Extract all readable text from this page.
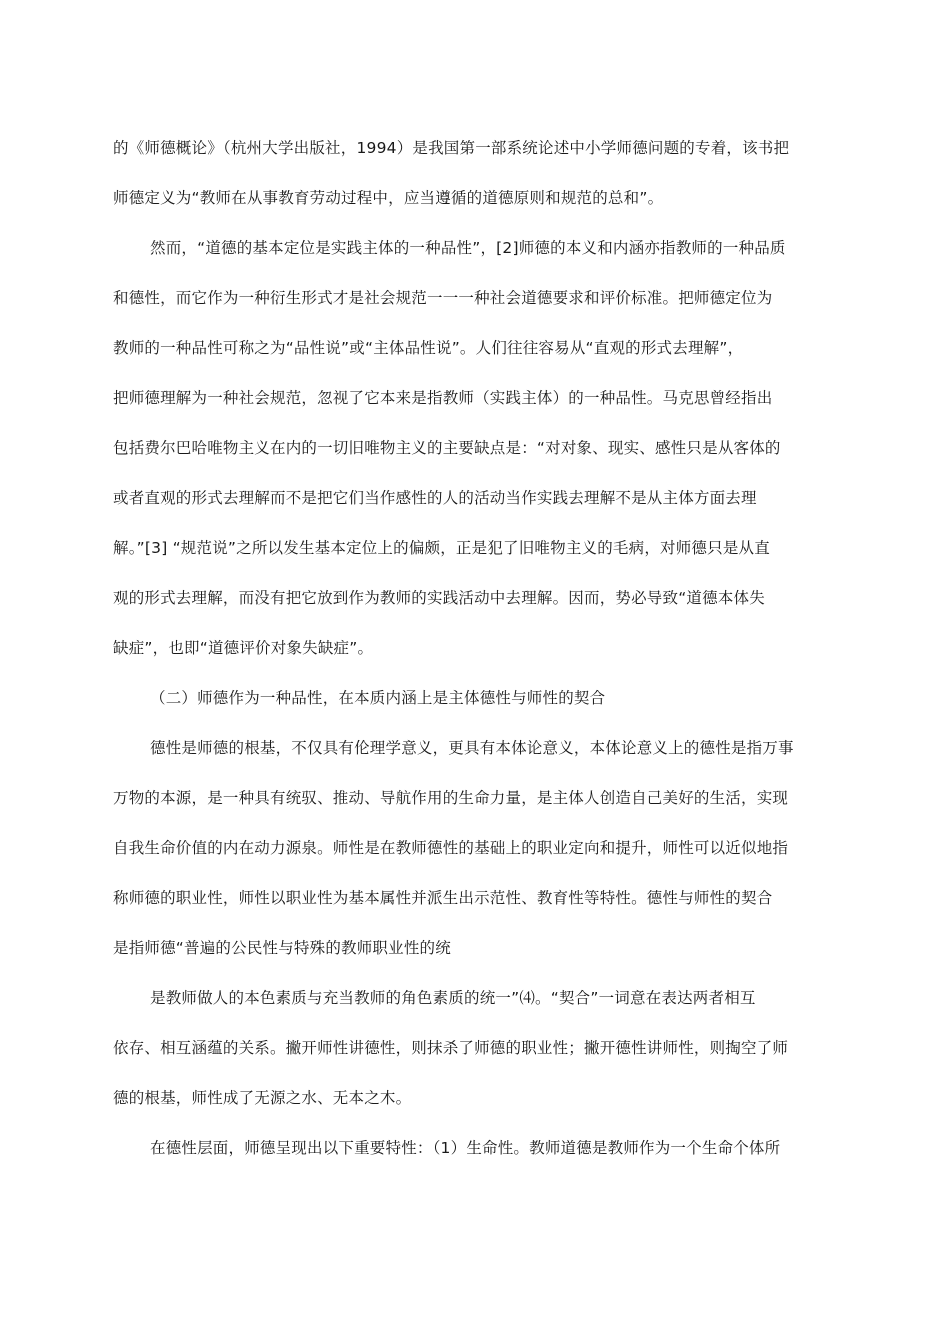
的《师德概论》（杭州大学出版社，1994）是我国第一部系统论述中小学师德问题的专着，该书把
师德定义为“教师在从事教育劳动过程中，应当遵循的道德原则和规范的总和”。
然而，“道德的基本定位是实践主体的一种品性”，[2]师德的本义和内涵亦指教师的一种品质
和德性，而它作为一种衍生形式才是社会规范一一一种社会道德要求和评价标准。把师德定位为
教师的一种品性可称之为“品性说”或“主体品性说”。人们往往容易从“直观的形式去理解”，
把师德理解为一种社会规范，忽视了它本来是指教师（实践主体）的一种品性。马克思曾经指出
包括费尔巴哈唯物主义在内的一切旧唯物主义的主要缺点是：“对对象、现实、感性只是从客体的
或者直观的形式去理解而不是把它们当作感性的人的活动当作实践去理解不是从主体方面去理
解。”[3] “规范说”之所以发生基本定位上的偏颇，正是犯了旧唯物主义的毛病，对师德只是从直
观的形式去理解，而没有把它放到作为教师的实践活动中去理解。因而，势必导致“道德本体失
缺症”，也即“道德评价对象失缺症”。
（二）师德作为一种品性，在本质内涵上是主体德性与师性的契合
德性是师德的根基，不仅具有伦理学意义，更具有本体论意义，本体论意义上的德性是指万事
万物的本源，是一种具有统驭、推动、导航作用的生命力量，是主体人创造自己美好的生活，实现
自我生命价值的内在动力源泉。师性是在教师德性的基础上的职业定向和提升，师性可以近似地指
称师德的职业性，师性以职业性为基本属性并派生出示范性、教育性等特性。德性与师性的契合
是指师德“普遍的公民性与特殊的教师职业性的统
是教师做人的本色素质与充当教师的角色素质的统一”⑷。“契合”一词意在表达两者相互
依存、相互涵蕴的关系。撇开师性讲德性，则抹杀了师德的职业性；撇开德性讲师性，则掏空了师
德的根基，师性成了无源之水、无本之木。
在德性层面，师德呈现出以下重要特性：（1）生命性。教师道德是教师作为一个生命个体所
